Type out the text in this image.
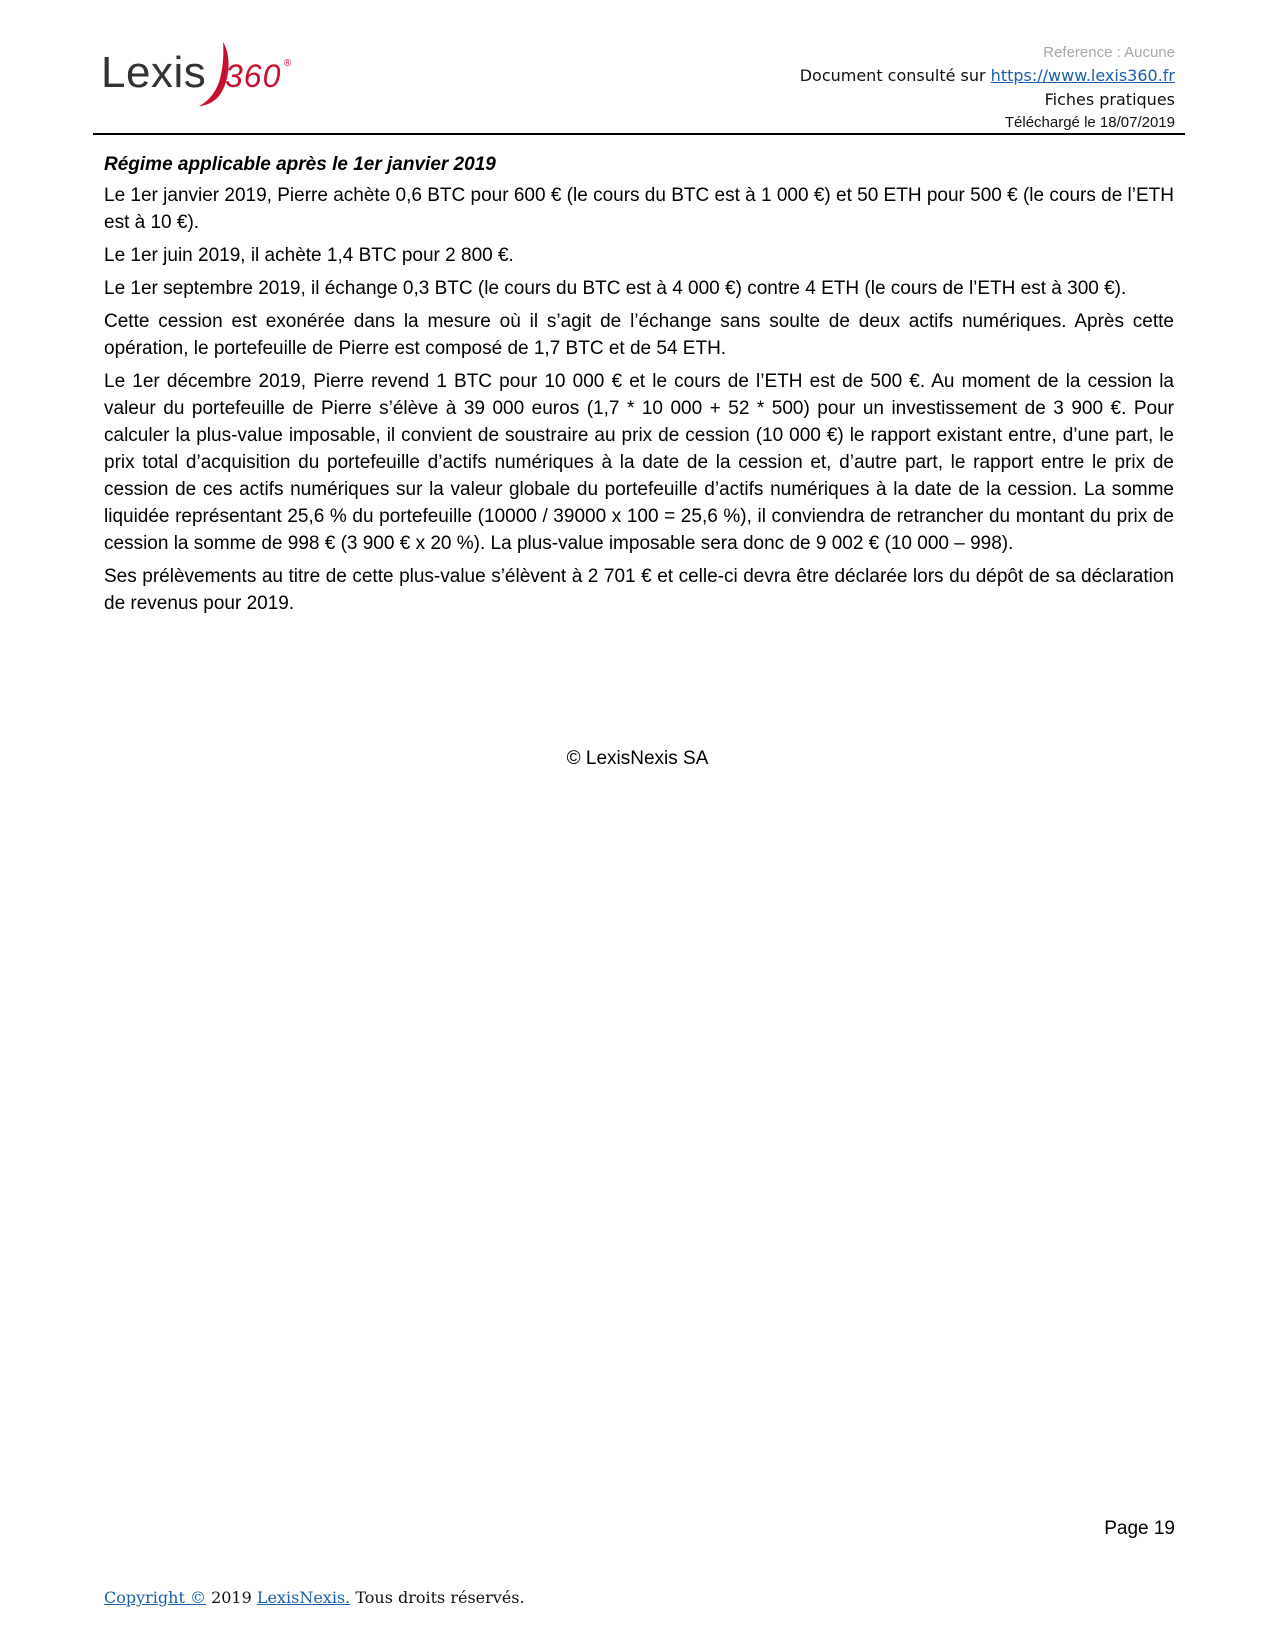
Lexis 360 ®
Reference : Aucune
Document consulté sur https://www.lexis360.fr
Fiches pratiques
Téléchargé le 18/07/2019

Régime applicable après le 1er janvier 2019

Le 1er janvier 2019, Pierre achète 0,6 BTC pour 600 € (le cours du BTC est à 1 000 €) et 50 ETH pour 500 € (le cours de l’ETH est à 10 €).

Le 1er juin 2019, il achète 1,4 BTC pour 2 800 €.

Le 1er septembre 2019, il échange 0,3 BTC (le cours du BTC est à 4 000 €) contre 4 ETH (le cours de l’ETH est à 300 €).

Cette cession est exonérée dans la mesure où il s’agit de l’échange sans soulte de deux actifs numériques. Après cette opération, le portefeuille de Pierre est composé de 1,7 BTC et de 54 ETH.

Le 1er décembre 2019, Pierre revend 1 BTC pour 10 000 € et le cours de l’ETH est de 500 €. Au moment de la cession la valeur du portefeuille de Pierre s’élève à 39 000 euros (1,7 * 10 000 + 52 * 500) pour un investissement de 3 900 €. Pour calculer la plus-value imposable, il convient de soustraire au prix de cession (10 000 €) le rapport existant entre, d’une part, le prix total d’acquisition du portefeuille d’actifs numériques à la date de la cession et, d’autre part, le rapport entre le prix de cession de ces actifs numériques sur la valeur globale du portefeuille d’actifs numériques à la date de la cession. La somme liquidée représentant 25,6 % du portefeuille (10000 / 39000 x 100 = 25,6 %), il conviendra de retrancher du montant du prix de cession la somme de 998 € (3 900 € x 20 %). La plus-value imposable sera donc de 9 002 € (10 000 – 998).

Ses prélèvements au titre de cette plus-value s’élèvent à 2 701 € et celle-ci devra être déclarée lors du dépôt de sa déclaration de revenus pour 2019.

© LexisNexis SA
Page 19
Copyright © 2019 LexisNexis. Tous droits réservés.
